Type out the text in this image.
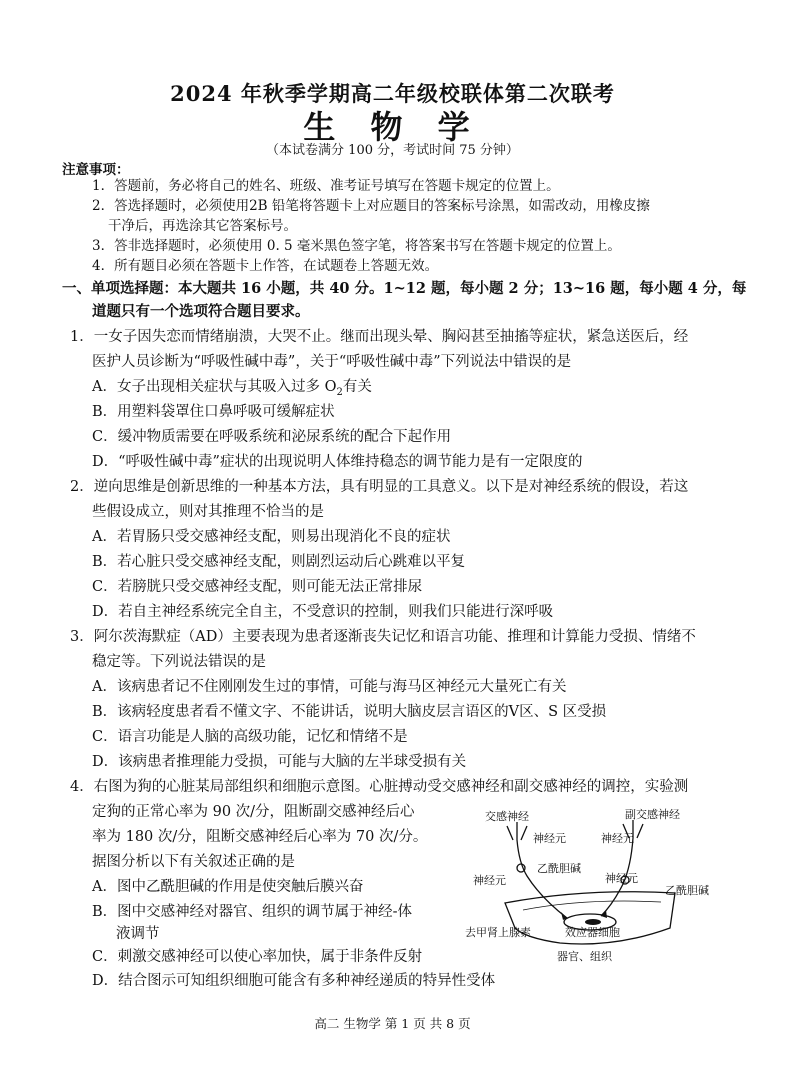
2024 年秋季学期高二年级校联体第二次联考
生 物 学
（本试卷满分 100 分，考试时间 75 分钟）
注意事项：
1．答题前，务必将自己的姓名、班级、准考证号填写在答题卡规定的位置上。
2．答选择题时，必须使用2B 铅笔将答题卡上对应题目的答案标号涂黑，如需改动，用橡皮擦
干净后，再选涂其它答案标号。
3．答非选择题时，必须使用 0. 5 毫米黑色签字笔，将答案书写在答题卡规定的位置上。
4．所有题目必须在答题卡上作答，在试题卷上答题无效。
一、单项选择题：本大题共 16 小题，共 40 分。1~12 题，每小题 2 分；13~16 题，每小题 4 分，每
道题只有一个选项符合题目要求。
1．一女子因失恋而情绪崩溃，大哭不止。继而出现头晕、胸闷甚至抽搐等症状，紧急送医后，经
医护人员诊断为“呼吸性碱中毒”，关于“呼吸性碱中毒”下列说法中错误的是
A．女子出现相关症状与其吸入过多 $O_2$有关
B．用塑料袋罩住口鼻呼吸可缓解症状
C．缓冲物质需要在呼吸系统和泌尿系统的配合下起作用
D．“呼吸性碱中毒”症状的出现说明人体维持稳态的调节能力是有一定限度的
2．逆向思维是创新思维的一种基本方法，具有明显的工具意义。以下是对神经系统的假设，若这
些假设成立，则对其推理不恰当的是
A．若胃肠只受交感神经支配，则易出现消化不良的症状
B．若心脏只受交感神经支配，则剧烈运动后心跳难以平复
C．若膀胱只受交感神经支配，则可能无法正常排尿
D．若自主神经系统完全自主，不受意识的控制，则我们只能进行深呼吸
3．阿尔茨海默症（AD）主要表现为患者逐渐丧失记忆和语言功能、推理和计算能力受损、情绪不
稳定等。下列说法错误的是
A．该病患者记不住刚刚发生过的事情，可能与海马区神经元大量死亡有关
B．该病轻度患者看不懂文字、不能讲话，说明大脑皮层言语区的Ⅴ区、S 区受损
C．语言功能是人脑的高级功能，记忆和情绪不是
D．该病患者推理能力受损，可能与大脑的左半球受损有关
4．右图为狗的心脏某局部组织和细胞示意图。心脏搏动受交感神经和副交感神经的调控，实验测
定狗的正常心率为 90 次/分，阻断副交感神经后心
率为 180 次/分，阻断交感神经后心率为 70 次/分。
据图分析以下有关叙述正确的是
A．图中乙酰胆碱的作用是使突触后膜兴奋
B．图中交感神经对器官、组织的调节属于神经-体
液调节
C．刺激交感神经可以使心率加快，属于非条件反射
D．结合图示可知组织细胞可能含有多种神经递质的特异性受体
交感神经	副交感神经
神经元	神经元
乙酰胆碱
神经元	神经元
乙酰胆碱
去甲肾上腺素	效应器细胞
器官、组织
高二 生物学 第 1 页 共 8 页
